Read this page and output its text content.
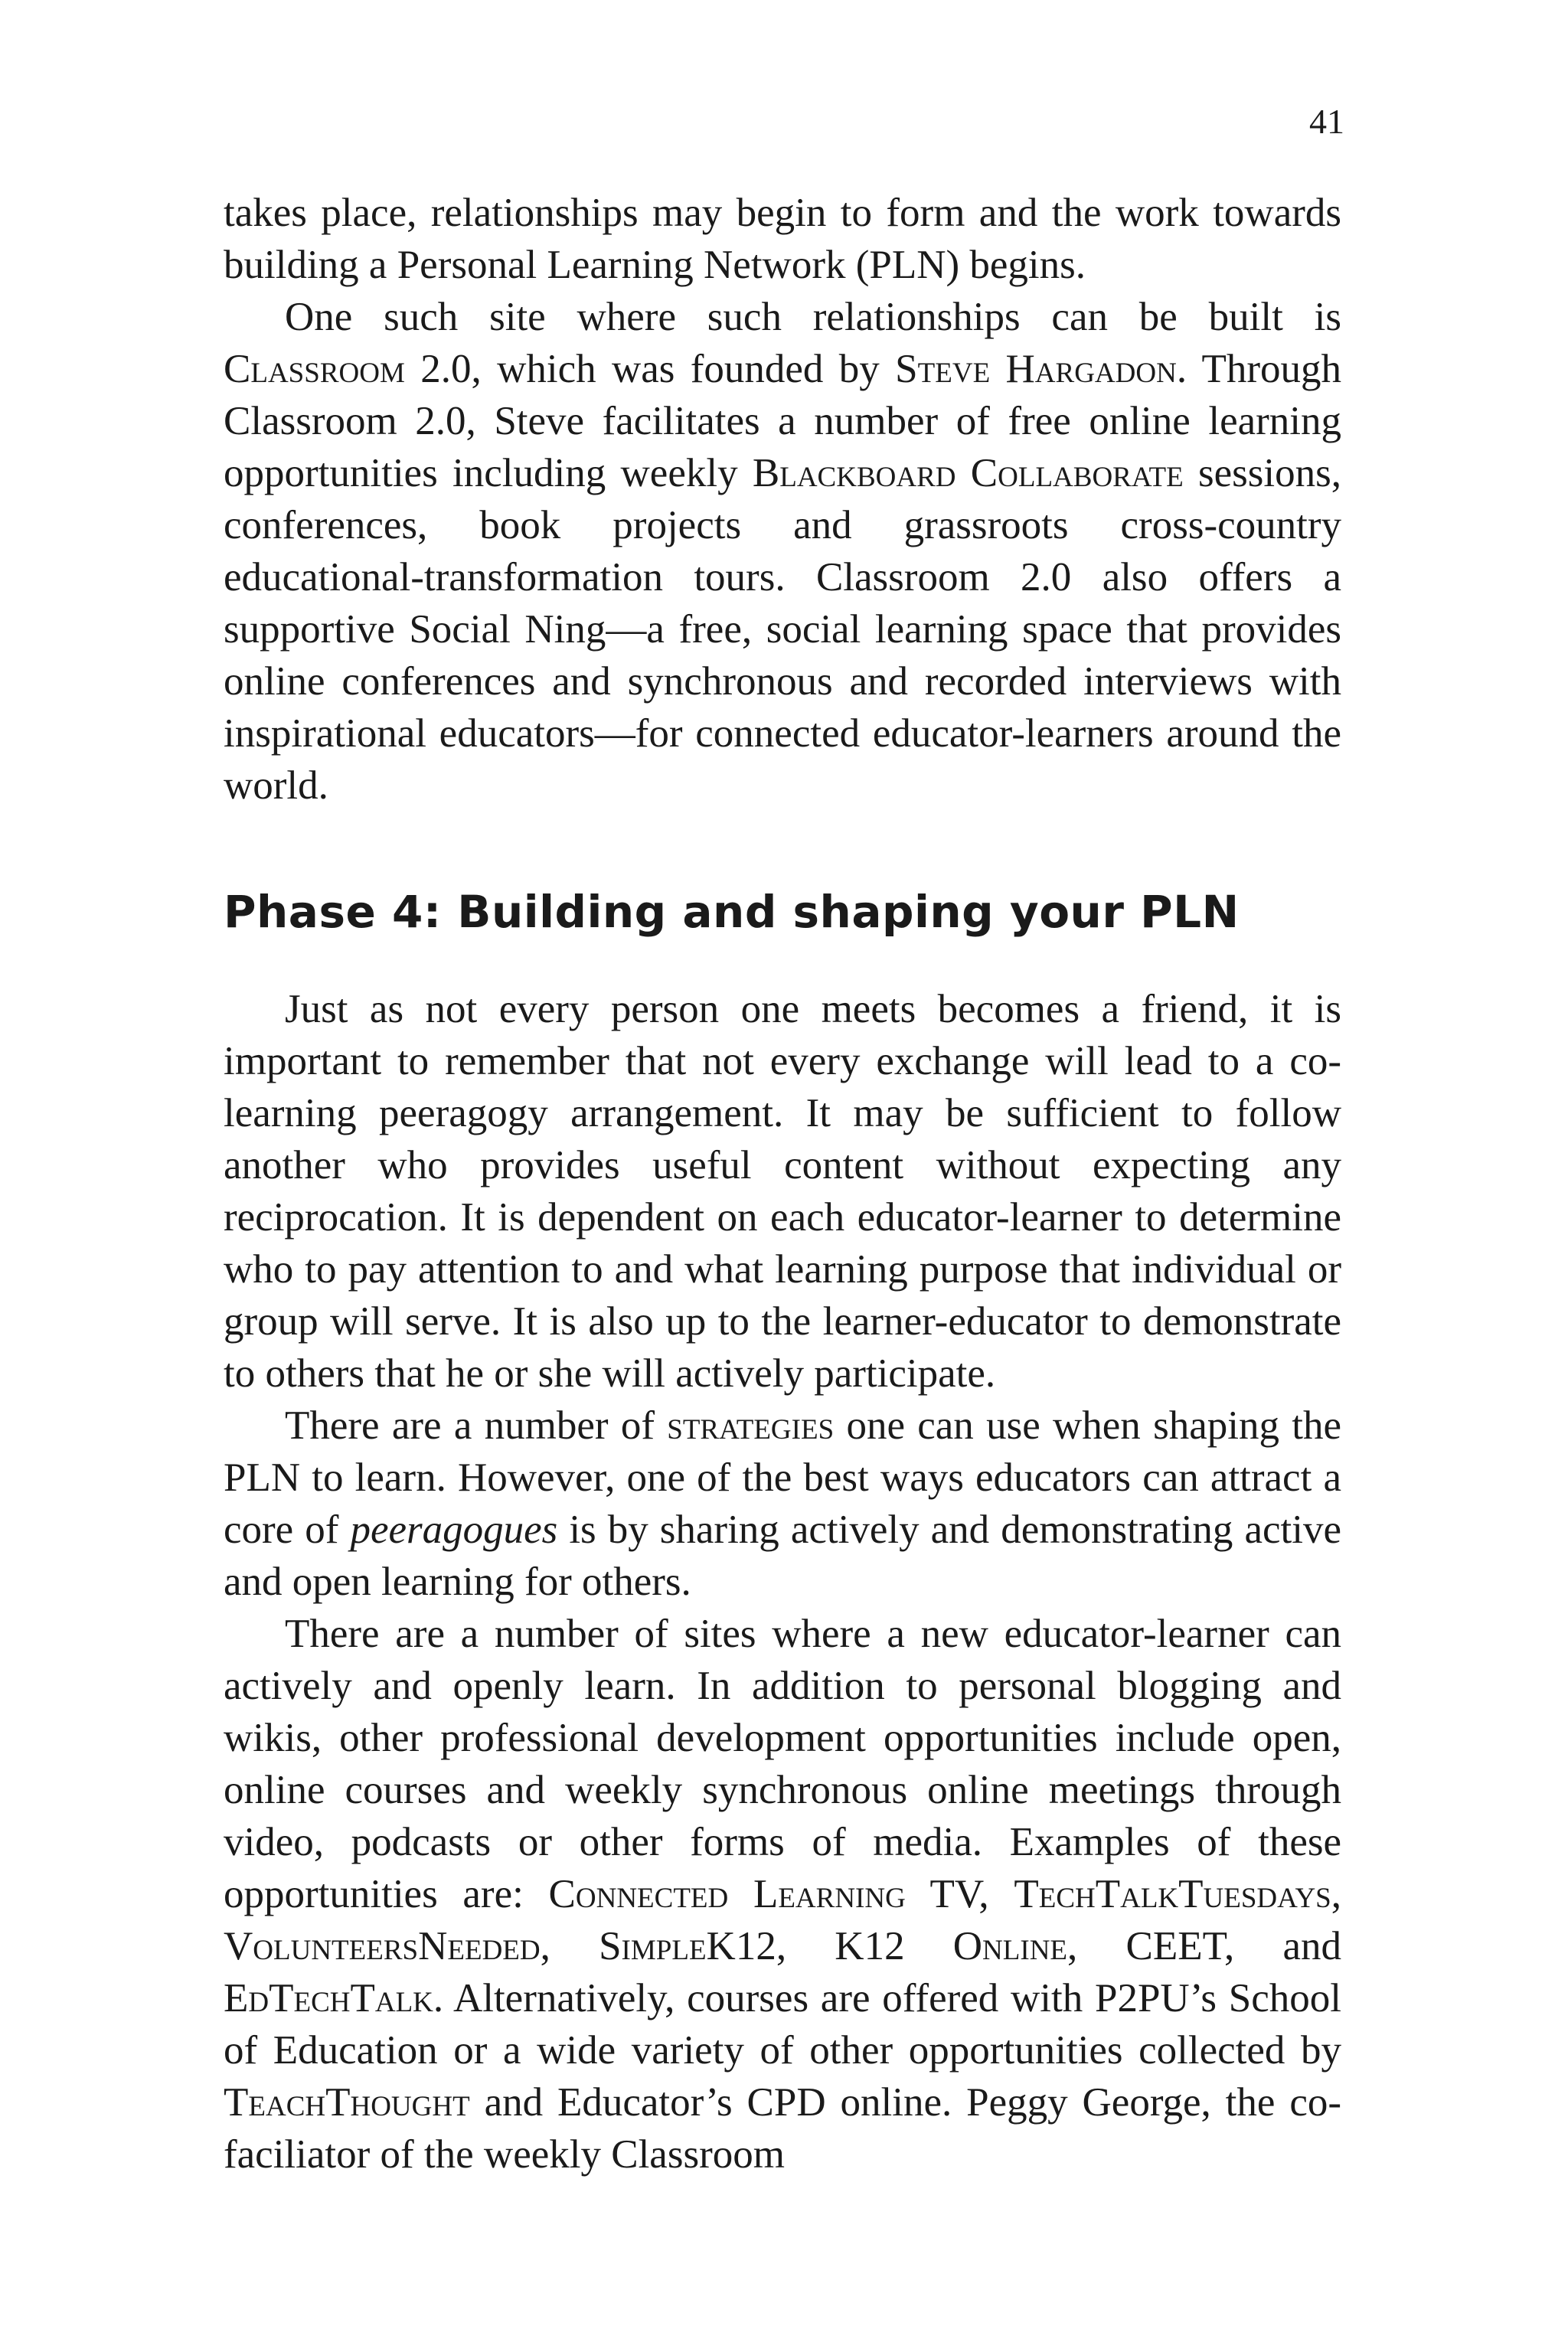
41

takes place, relationships may begin to form and the work towards building a Personal Learning Network (PLN) begins.

One such site where such relationships can be built is Classroom 2.0, which was founded by Steve Hargadon. Through Classroom 2.0, Steve facilitates a number of free online learning opportunities including weekly Blackboard Collaborate sessions, conferences, book projects and grassroots cross-country educational-transformation tours. Classroom 2.0 also offers a supportive Social Ning—a free, social learning space that provides online conferences and synchronous and recorded interviews with inspirational educators—for connected educator-learners around the world.

Phase 4: Building and shaping your PLN

Just as not every person one meets becomes a friend, it is important to remember that not every exchange will lead to a co-learning peeragogy arrangement. It may be sufficient to follow another who provides useful content without expecting any reciprocation. It is dependent on each educator-learner to determine who to pay attention to and what learning purpose that individual or group will serve. It is also up to the learner-educator to demonstrate to others that he or she will actively participate.

There are a number of strategies one can use when shaping the PLN to learn. However, one of the best ways educators can attract a core of peeragogues is by sharing actively and demonstrating active and open learning for others.

There are a number of sites where a new educator-learner can actively and openly learn. In addition to personal blogging and wikis, other professional development opportunities include open, online courses and weekly synchronous online meetings through video, podcasts or other forms of media. Examples of these opportunities are: Connected Learning TV, TechTalkTuesdays, VolunteersNeeded, SimpleK12, K12 Online, CEET, and EdTechTalk. Alternatively, courses are offered with P2PU’s School of Education or a wide variety of other opportunities collected by TeachThought and Educator’s CPD online. Peggy George, the co-faciliator of the weekly Classroom
